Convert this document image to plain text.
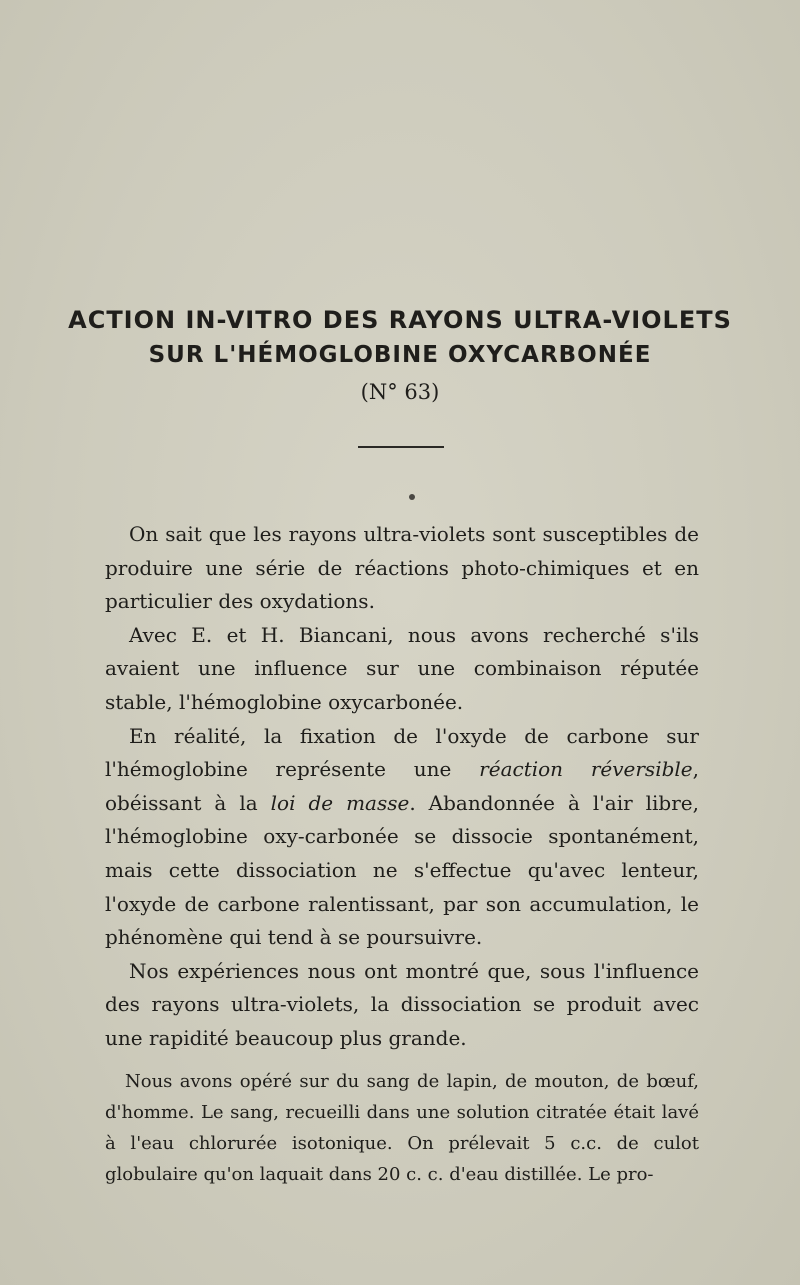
ACTION IN-VITRO DES RAYONS ULTRA-VIOLETS
SUR L'HÉMOGLOBINE OXYCARBONÉE
(N° 63)

On sait que les rayons ultra-violets sont susceptibles de produire une série de réactions photo-chimiques et en particulier des oxydations.

Avec E. et H. Biancani, nous avons recherché s'ils avaient une influence sur une combinaison réputée stable, l'hémoglobine oxycarbonée.

En réalité, la fixation de l'oxyde de carbone sur l'hémoglobine représente une réaction réversible, obéissant à la loi de masse. Abandonnée à l'air libre, l'hémoglobine oxy-carbonée se dissocie spontanément, mais cette dissociation ne s'effectue qu'avec lenteur, l'oxyde de carbone ralentissant, par son accumulation, le phénomène qui tend à se poursuivre.

Nos expériences nous ont montré que, sous l'influence des rayons ultra-violets, la dissociation se produit avec une rapidité beaucoup plus grande.

Nous avons opéré sur du sang de lapin, de mouton, de bœuf, d'homme. Le sang, recueilli dans une solution citratée était lavé à l'eau chlorurée isotonique. On prélevait 5 c.c. de culot globulaire qu'on laquait dans 20 c. c. d'eau distillée. Le pro-
